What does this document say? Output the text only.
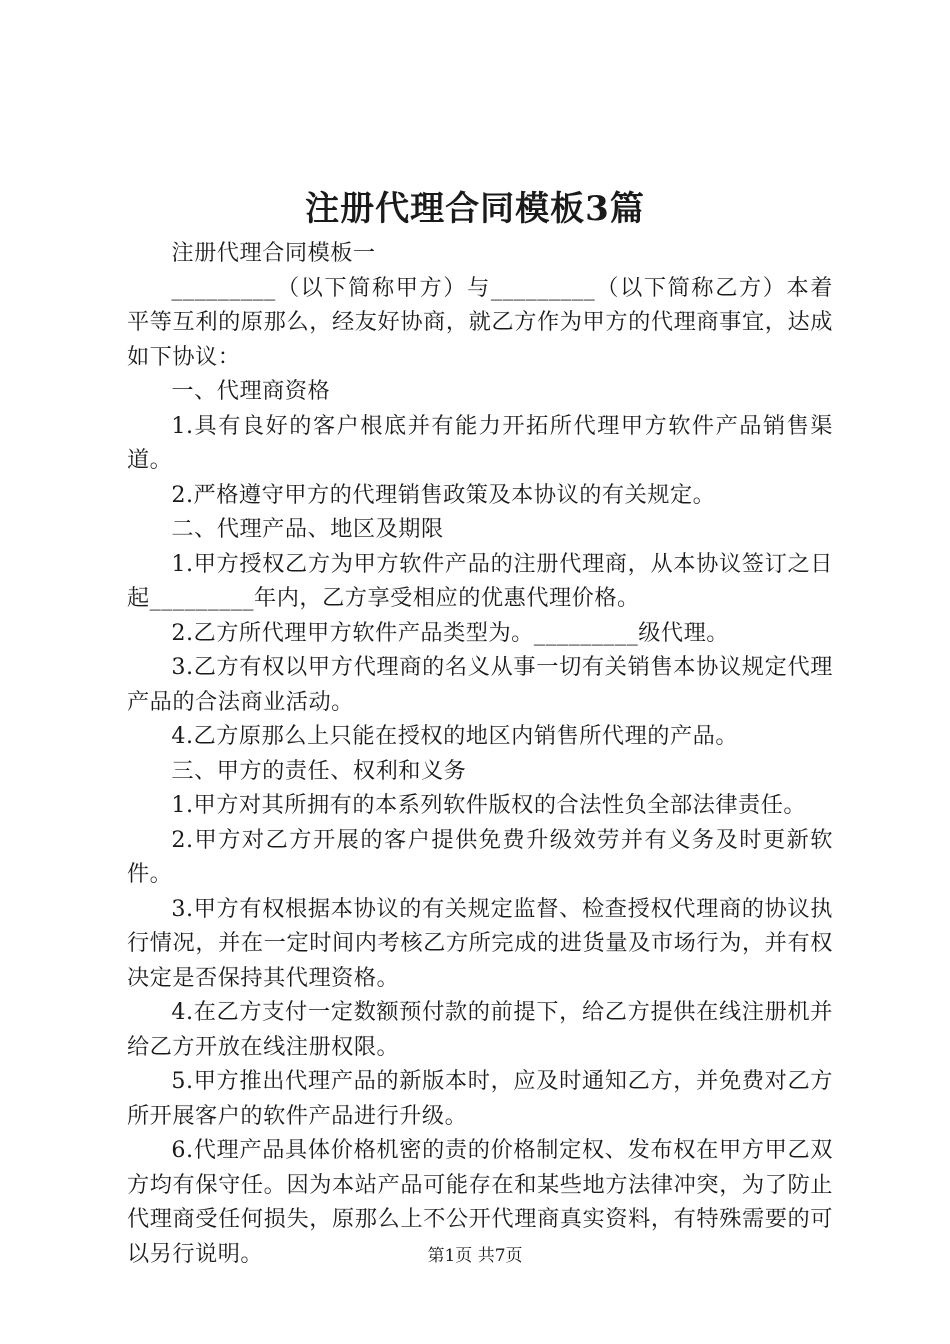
注册代理合同模板3篇

注册代理合同模板一

_________（以下简称甲方）与_________（以下简称乙方）本着平等互利的原那么，经友好协商，就乙方作为甲方的代理商事宜，达成如下协议：

一、代理商资格

1.具有良好的客户根底并有能力开拓所代理甲方软件产品销售渠道。

2.严格遵守甲方的代理销售政策及本协议的有关规定。

二、代理产品、地区及期限

1.甲方授权乙方为甲方软件产品的注册代理商，从本协议签订之日起_________年内，乙方享受相应的优惠代理价格。

2.乙方所代理甲方软件产品类型为。_________级代理。

3.乙方有权以甲方代理商的名义从事一切有关销售本协议规定代理产品的合法商业活动。

4.乙方原那么上只能在授权的地区内销售所代理的产品。

三、甲方的责任、权利和义务

1.甲方对其所拥有的本系列软件版权的合法性负全部法律责任。

2.甲方对乙方开展的客户提供免费升级效劳并有义务及时更新软件。

3.甲方有权根据本协议的有关规定监督、检查授权代理商的协议执行情况，并在一定时间内考核乙方所完成的进货量及市场行为，并有权决定是否保持其代理资格。

4.在乙方支付一定数额预付款的前提下，给乙方提供在线注册机并给乙方开放在线注册权限。

5.甲方推出代理产品的新版本时，应及时通知乙方，并免费对乙方所开展客户的软件产品进行升级。

6.代理产品具体价格机密的责的价格制定权、发布权在甲方甲乙双方均有保守任。因为本站产品可能存在和某些地方法律冲突，为了防止代理商受任何损失，原那么上不公开代理商真实资料，有特殊需要的可以另行说明。	第1页 共7页
